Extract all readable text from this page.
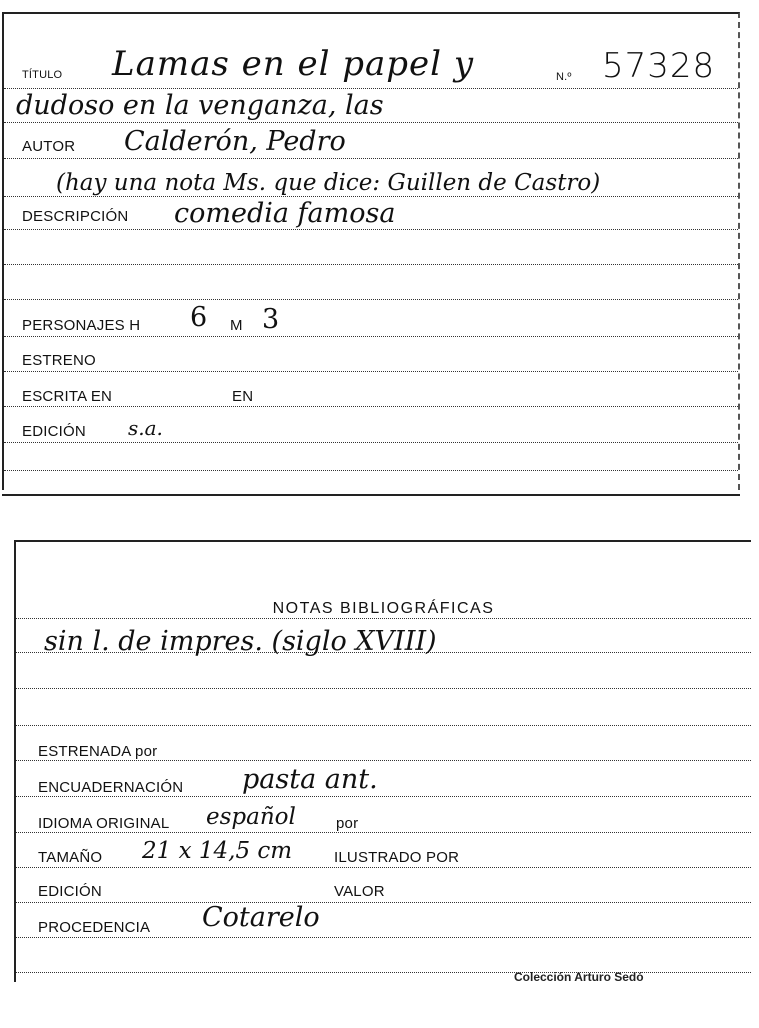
TÍTULO Lamas en el papel y	N.º 57328
dudoso en la venganza, las
AUTOR Calderón, Pedro
(hay una nota Ms. que dice: Guillen de Castro)
DESCRIPCIÓN comedia famosa
PERSONAJES H 6 M 3
ESTRENO
ESCRITA EN	EN
EDICIÓN s.a.
NOTAS BIBLIOGRÁFICAS
sin l. de impres. (siglo XVIII)
ESTRENADA por
ENCUADERNACIÓN pasta ant.
IDIOMA ORIGINAL español	por
TAMAÑO 21 x 14,5 cm	ILUSTRADO POR
EDICIÓN	VALOR
PROCEDENCIA Cotarelo
Colección Arturo Sedó
